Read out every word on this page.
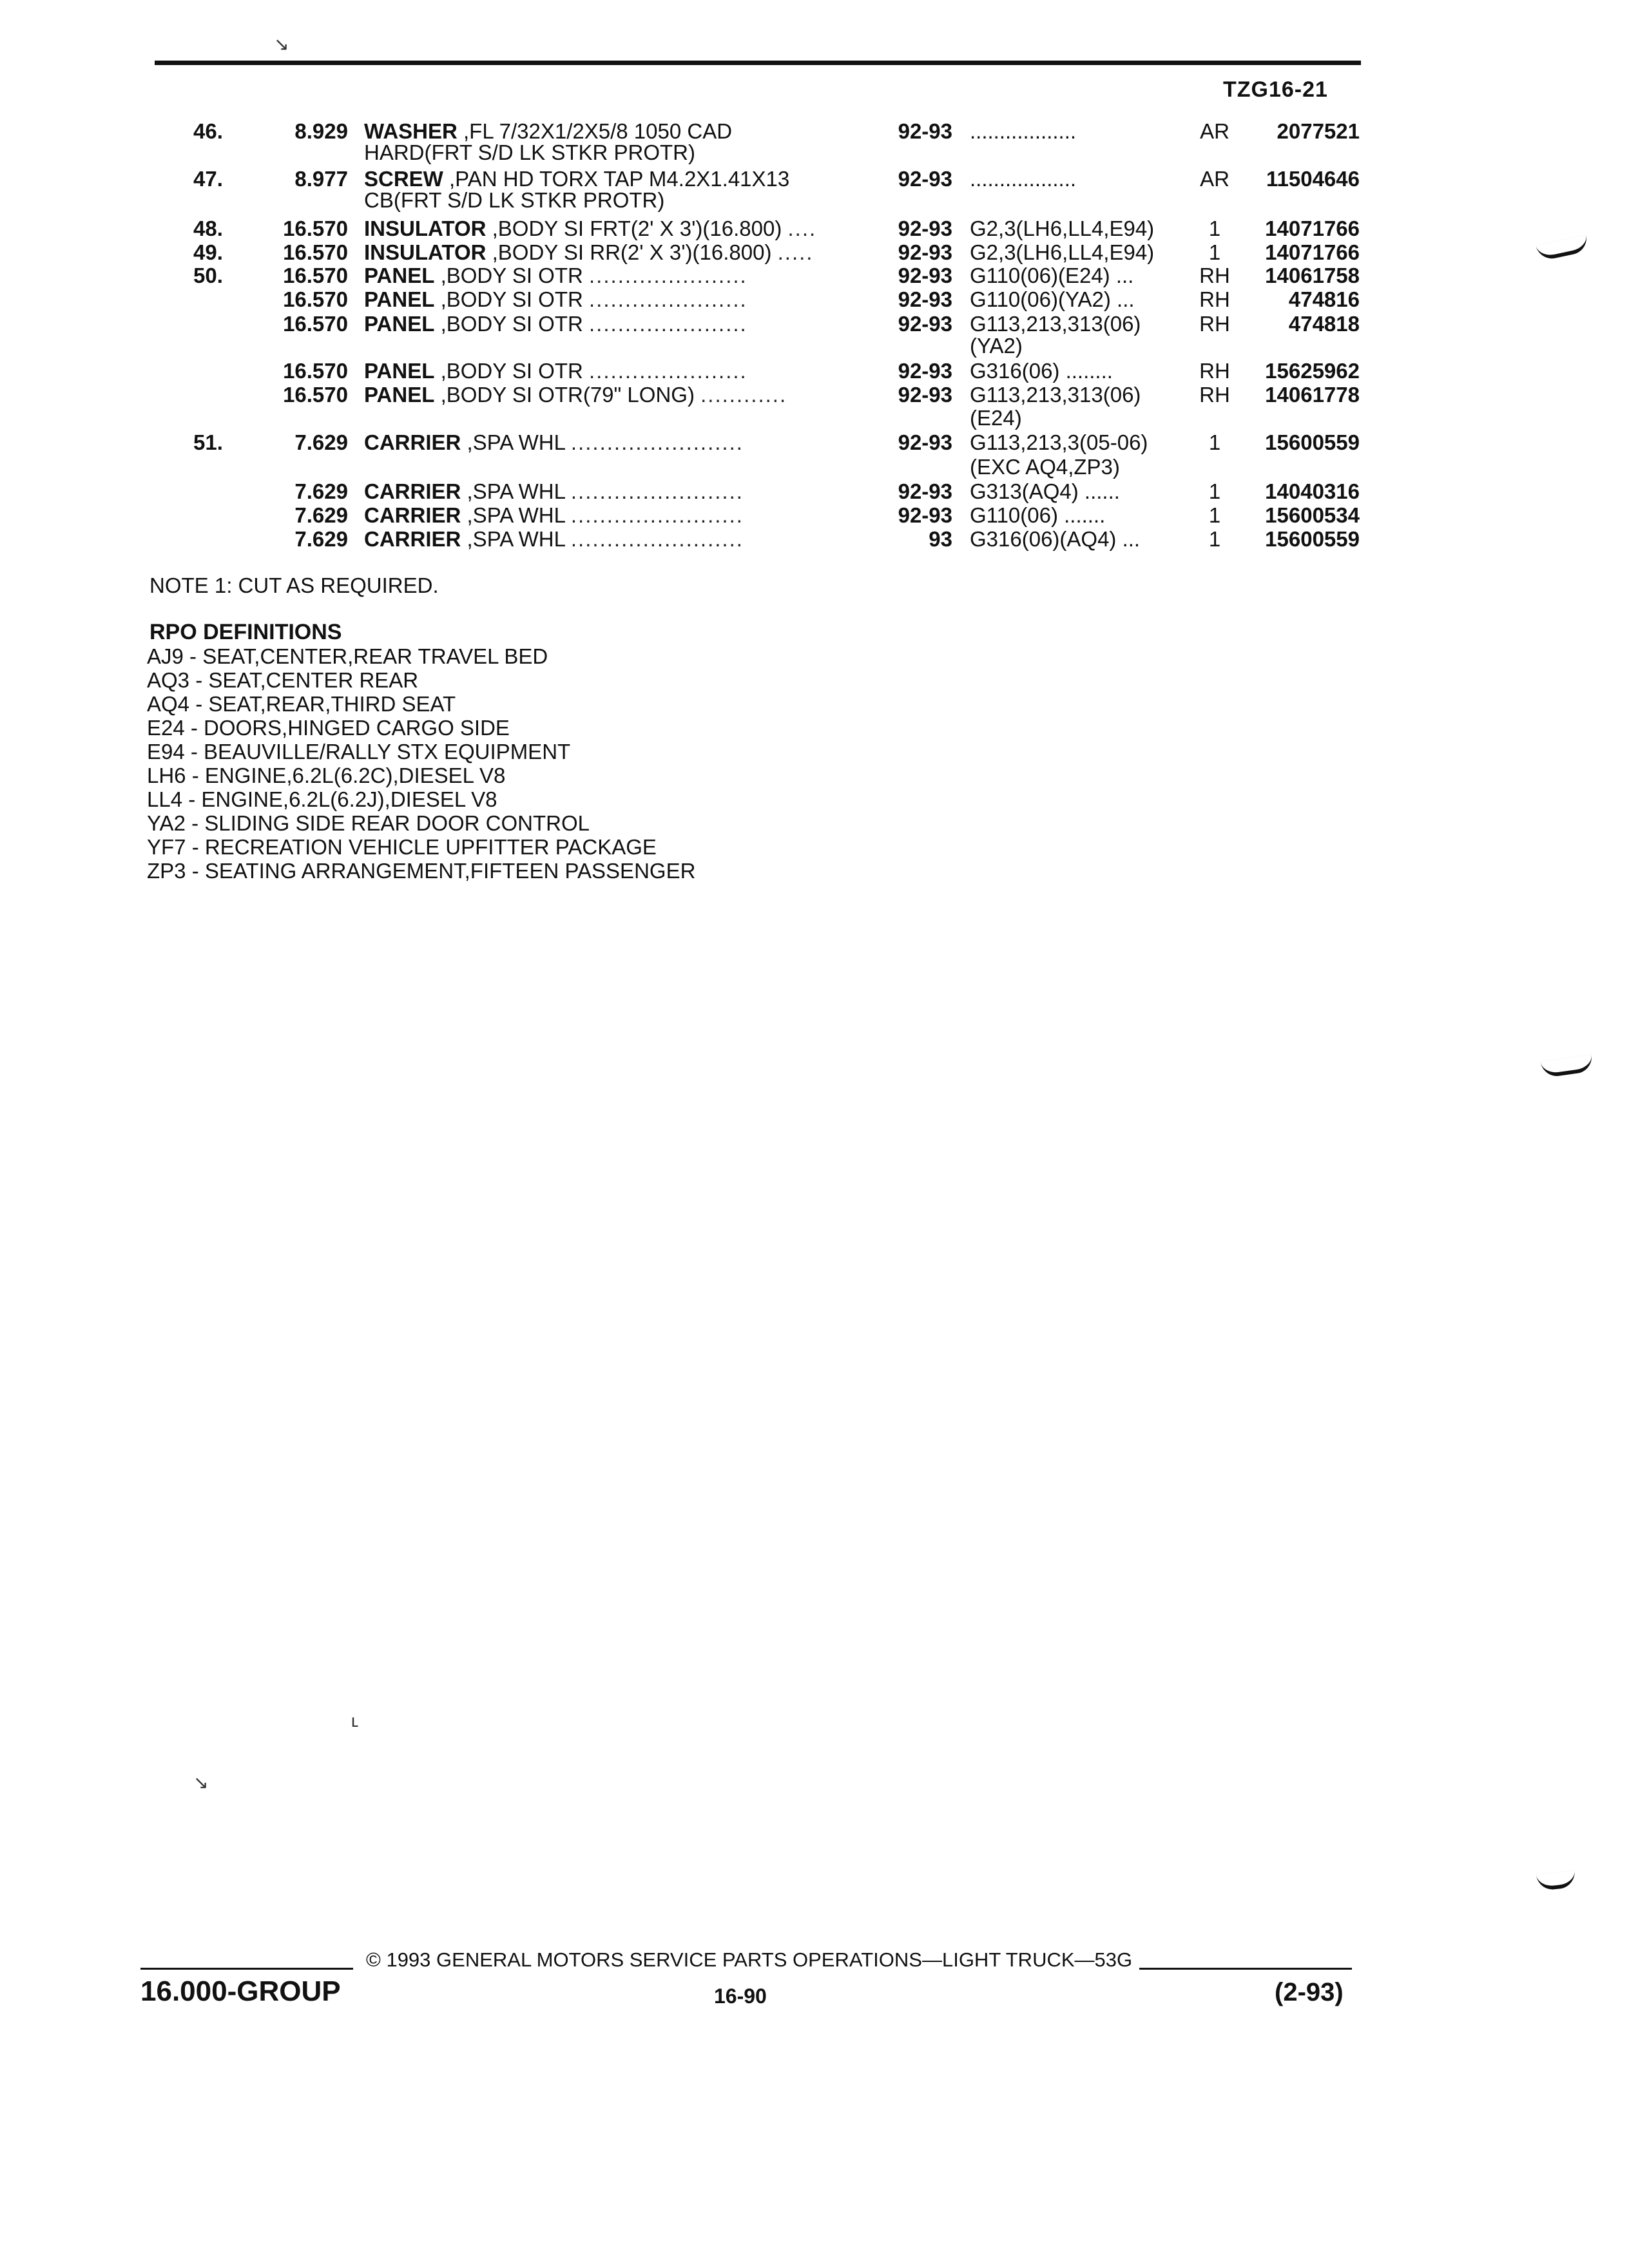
↘
TZG16-21
46.	8.929 WASHER ,FL 7/32X1/2X5/8 1050 CAD	92-93 ..................	AR	2077521
HARD(FRT S/D LK STKR PROTR)
47.	8.977 SCREW ,PAN HD TORX TAP M4.2X1.41X13	92-93 ..................	AR	11504646
CB(FRT S/D LK STKR PROTR)
48.	16.570 INSULATOR ,BODY SI FRT(2' X 3')(16.800) ....	92-93 G2,3(LH6,LL4,E94)	1	14071766
49.	16.570 INSULATOR ,BODY SI RR(2' X 3')(16.800) .....	92-93 G2,3(LH6,LL4,E94)	1	14071766
50.	16.570 PANEL ,BODY SI OTR ......................	92-93 G110(06)(E24) ...	RH	14061758
16.570 PANEL ,BODY SI OTR ......................	92-93 G110(06)(YA2) ...	RH	474816
16.570 PANEL ,BODY SI OTR ......................	92-93 G113,213,313(06)	RH	474818
(YA2)
16.570 PANEL ,BODY SI OTR ......................	92-93 G316(06) ........	RH	15625962
16.570 PANEL ,BODY SI OTR(79" LONG) ............	92-93 G113,213,313(06)	RH	14061778
(E24)
51.	7.629 CARRIER ,SPA WHL ........................	92-93 G113,213,3(05-06)	1	15600559
(EXC AQ4,ZP3)
7.629 CARRIER ,SPA WHL ........................	92-93 G313(AQ4) ......	1	14040316
7.629 CARRIER ,SPA WHL ........................	92-93 G110(06) .......	1	15600534
7.629 CARRIER ,SPA WHL ........................	93 G316(06)(AQ4) ...	1	15600559
NOTE 1: CUT AS REQUIRED.
RPO DEFINITIONS
AJ9 - SEAT,CENTER,REAR TRAVEL BED
AQ3 - SEAT,CENTER REAR
AQ4 - SEAT,REAR,THIRD SEAT
E24 - DOORS,HINGED CARGO SIDE
E94 - BEAUVILLE/RALLY STX EQUIPMENT
LH6 - ENGINE,6.2L(6.2C),DIESEL V8
LL4 - ENGINE,6.2L(6.2J),DIESEL V8
YA2 - SLIDING SIDE REAR DOOR CONTROL
YF7 - RECREATION VEHICLE UPFITTER PACKAGE
ZP3 - SEATING ARRANGEMENT,FIFTEEN PASSENGER
ʟ
↘
© 1993 GENERAL MOTORS SERVICE PARTS OPERATIONS—LIGHT TRUCK—53G
16.000-GROUP	16-90	(2-93)
